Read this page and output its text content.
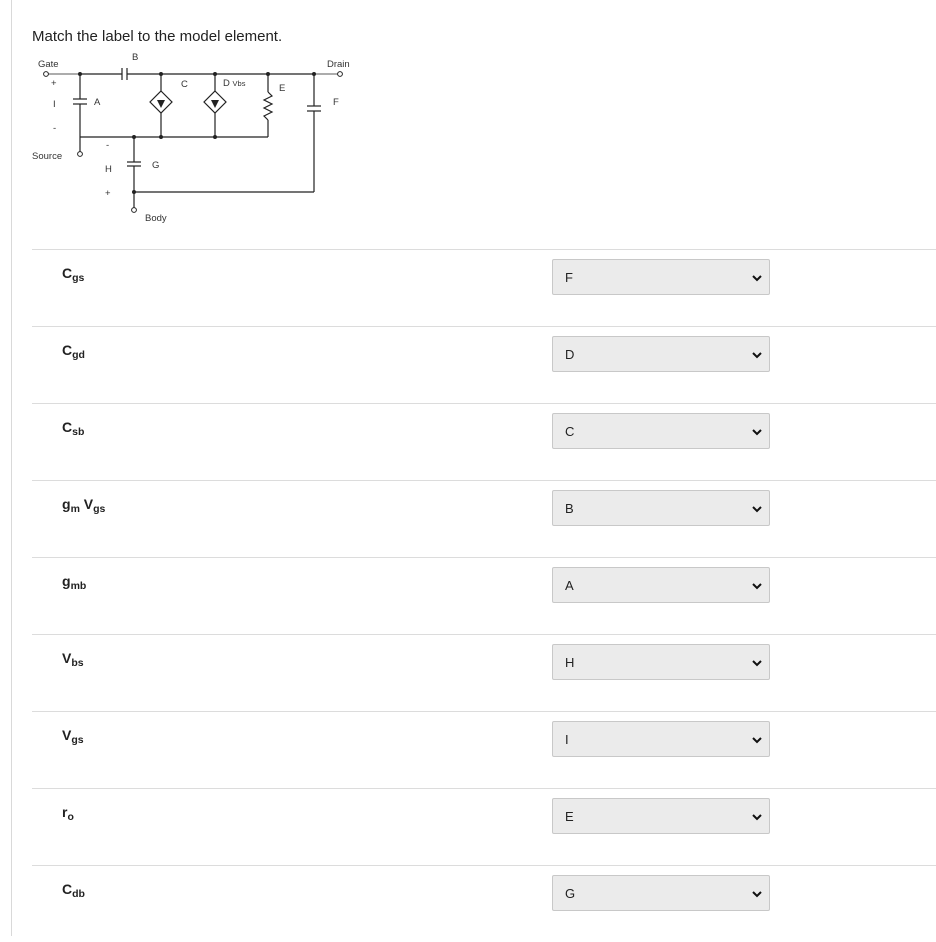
Match the label to the model element.
Gate	Drain
Source
Body
+
I
-
A
B
C	D Vbs	E
F
G
-
H
+
$C_{gs}$	F
$C_{gd}$	D
$C_{sb}$	C
$g_m$ $V_{gs}$	B
$g_{mb}$	A
$V_{bs}$	H
$V_{gs}$	I
$r_o$	E
$C_{db}$	G
